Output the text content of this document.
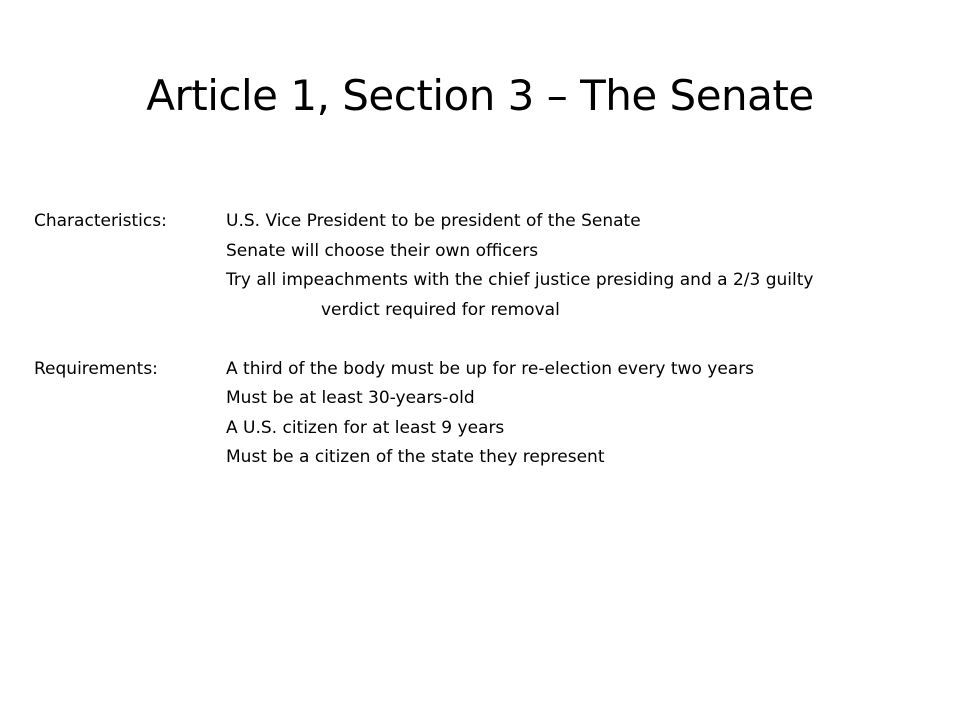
Article 1, Section 3 – The Senate
Characteristics:	U.S. Vice President to be president of the Senate
Senate will choose their own officers
Try all impeachments with the chief justice presiding and a 2/3 guilty
verdict required for removal
Requirements:	A third of the body must be up for re-election every two years
Must be at least 30-years-old
A U.S. citizen for at least 9 years
Must be a citizen of the state they represent
